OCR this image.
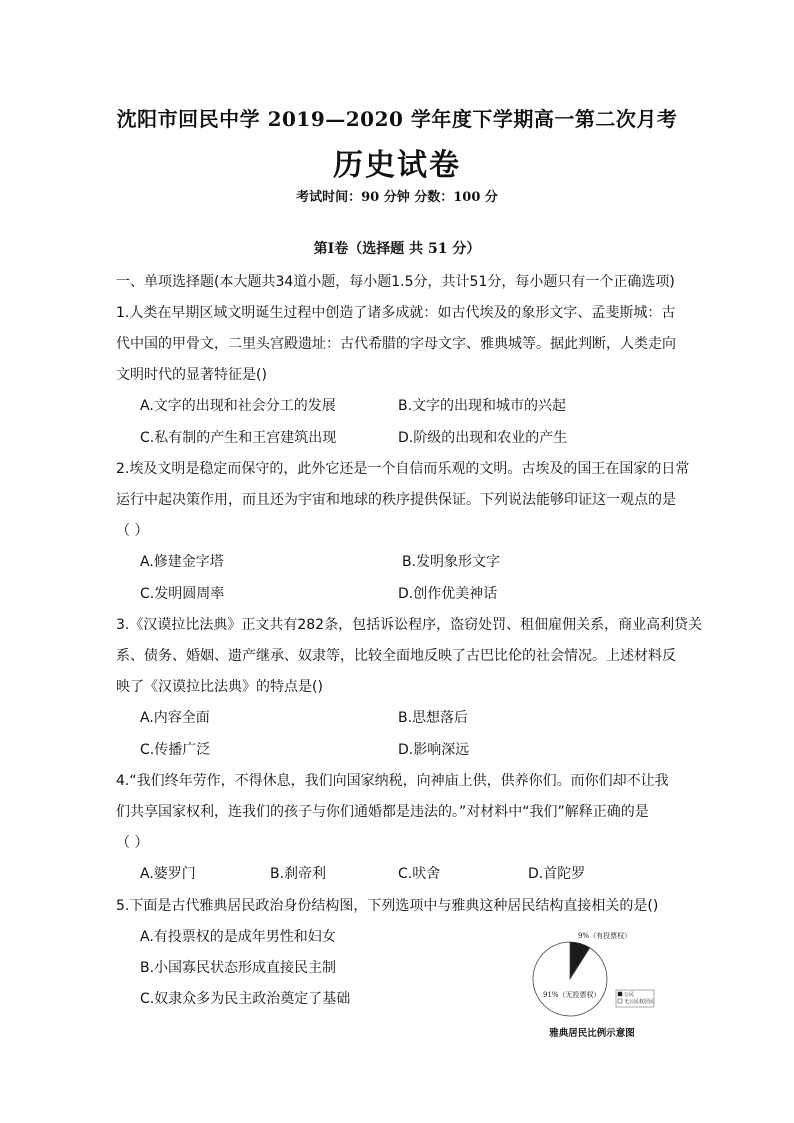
沈阳市回民中学 2019—2020 学年度下学期高一第二次月考
历史试卷
考试时间：90 分钟 分数：100 分
第Ⅰ卷（选择题 共 51 分）
一、单项选择题(本大题共34道小题，每小题1.5分，共计51分，每小题只有一个正确选项)
1.人类在早期区域文明诞生过程中创造了诸多成就：如古代埃及的象形文字、孟斐斯城：古
代中国的甲骨文，二里头宫殿遗址：古代希腊的字母文字、雅典城等。据此判断，人类走向
文明时代的显著特征是()
A.文字的出现和社会分工的发展	B.文字的出现和城市的兴起
C.私有制的产生和王宫建筑出现	D.阶级的出现和农业的产生
2.埃及文明是稳定而保守的，此外它还是一个自信而乐观的文明。古埃及的国王在国家的日常
运行中起决策作用，而且还为宇宙和地球的秩序提供保证。下列说法能够印证这一观点的是
（ ）
A.修建金字塔	B.发明象形文字
C.发明圆周率	D.创作优美神话
3.《汉谟拉比法典》正文共有282条，包括诉讼程序，盗窃处罚、租佃雇佣关系，商业高利贷关
系、债务、婚姻、遗产继承、奴隶等，比较全面地反映了古巴比伦的社会情况。上述材料反
映了《汉谟拉比法典》的特点是()
A.内容全面	B.思想落后
C.传播广泛	D.影响深远
4.“我们终年劳作，不得休息，我们向国家纳税，向神庙上供，供养你们。而你们却不让我
们共享国家权利，连我们的孩子与你们通婚都是违法的。”对材料中“我们”解释正确的是
（ ）
A.婆罗门	B.刹帝利	C.吠舍	D.首陀罗
5.下面是古代雅典居民政治身份结构图，下列选项中与雅典这种居民结构直接相关的是()
A.有投票权的是成年男性和妇女
B.小国寡民状态形成直接民主制
C.奴隶众多为民主政治奠定了基础
9%（有投票权）
91%（无投票权）	公民
无公民权居民
雅典居民比例示意图
